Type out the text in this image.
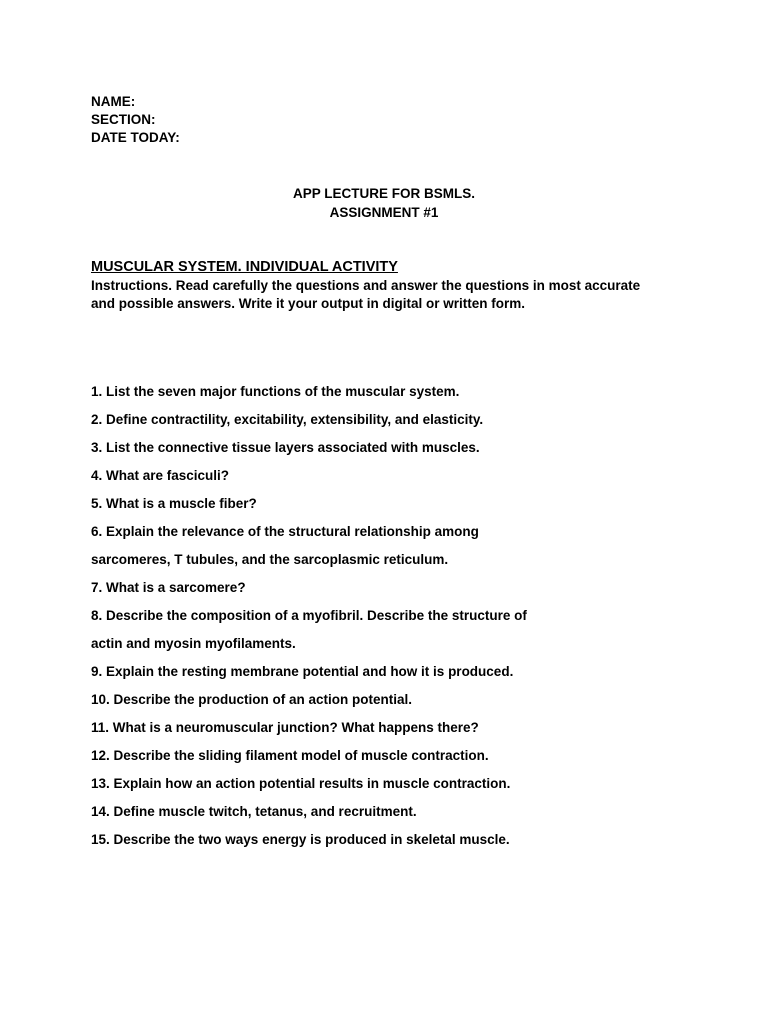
NAME:
SECTION:
DATE TODAY:
APP LECTURE FOR BSMLS.
ASSIGNMENT #1
MUSCULAR SYSTEM. INDIVIDUAL ACTIVITY
Instructions. Read carefully the questions and answer the questions in most accurate
and possible answers. Write it your output in digital or written form.
1. List the seven major functions of the muscular system.
2. Define contractility, excitability, extensibility, and elasticity.
3. List the connective tissue layers associated with muscles.
4. What are fasciculi?
5. What is a muscle fiber?
6. Explain the relevance of the structural relationship among
sarcomeres, T tubules, and the sarcoplasmic reticulum.
7. What is a sarcomere?
8. Describe the composition of a myofibril. Describe the structure of
actin and myosin myofilaments.
9. Explain the resting membrane potential and how it is produced.
10. Describe the production of an action potential.
11. What is a neuromuscular junction? What happens there?
12. Describe the sliding filament model of muscle contraction.
13. Explain how an action potential results in muscle contraction.
14. Define muscle twitch, tetanus, and recruitment.
15. Describe the two ways energy is produced in skeletal muscle.
